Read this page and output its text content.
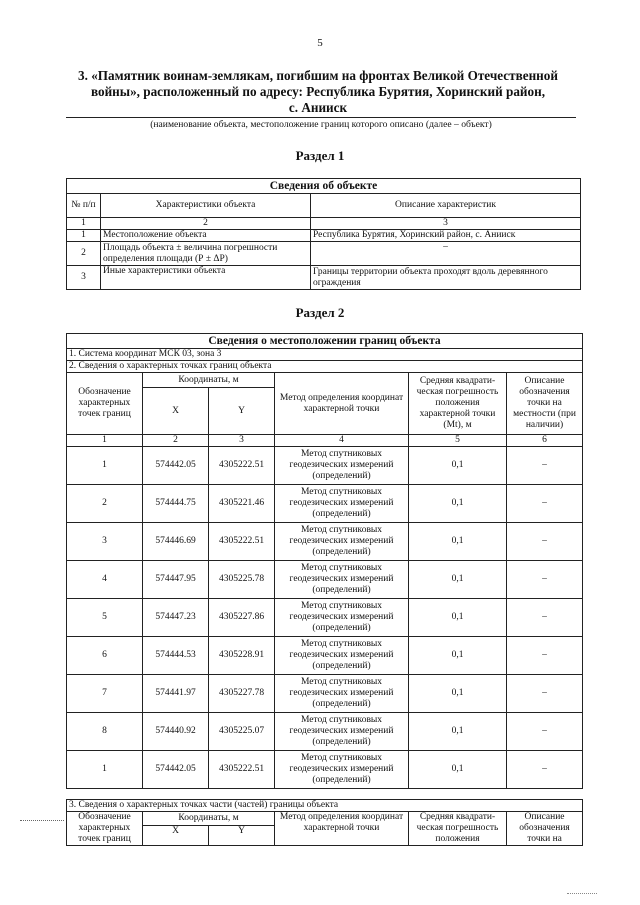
5
3. «Памятник воинам-землякам, погибшим на фронтах Великой Отечественной
войны», расположенный по адресу: Республика Бурятия, Хоринский район,
с. Анииск
(наименование объекта, местоположение границ которого описано (далее – объект)
Раздел 1
Сведения об объекте		
№ п/п	Характеристики объекта	Описание характеристик
1	2	3
1	Местоположение объекта	Республика Бурятия, Хоринский район, с. Анииск
2	Площадь объекта ± величина погрешности определения площади (Р ± ΔР)	–
3	Иные характеристики объекта	Границы территории объекта проходят вдоль деревянного ограждения
Раздел 2
Сведения о местоположении границ объекта					
1. Система координат МСК 03, зона 3					
2. Сведения о характерных точках границ объекта					
Обозначение характерных точек границ	Координаты, м		Метод определения координат характерной точки	Средняя квадрати-ческая погрешность положения характерной точки (Мt), м	Описание обозначения точки на местности (при наличии)
	X	Y			
1	2	3	4	5	6
1	574442.05	4305222.51	Метод спутниковых геодезических измерений (определений)	0,1	–
2	574444.75	4305221.46	Метод спутниковых геодезических измерений (определений)	0,1	–
3	574446.69	4305222.51	Метод спутниковых геодезических измерений (определений)	0,1	–
4	574447.95	4305225.78	Метод спутниковых геодезических измерений (определений)	0,1	–
5	574447.23	4305227.86	Метод спутниковых геодезических измерений (определений)	0,1	–
6	574444.53	4305228.91	Метод спутниковых геодезических измерений (определений)	0,1	–
7	574441.97	4305227.78	Метод спутниковых геодезических измерений (определений)	0,1	–
8	574440.92	4305225.07	Метод спутниковых геодезических измерений (определений)	0,1	–
1	574442.05	4305222.51	Метод спутниковых геодезических измерений (определений)	0,1	–
3. Сведения о характерных точках части (частей) границы объекта					
Обозначение характерных точек границ	Координаты, м		Метод определения координат характерной точки	Средняя квадрати-ческая погрешность положения	Описание обозначения точки на
	X	Y			
